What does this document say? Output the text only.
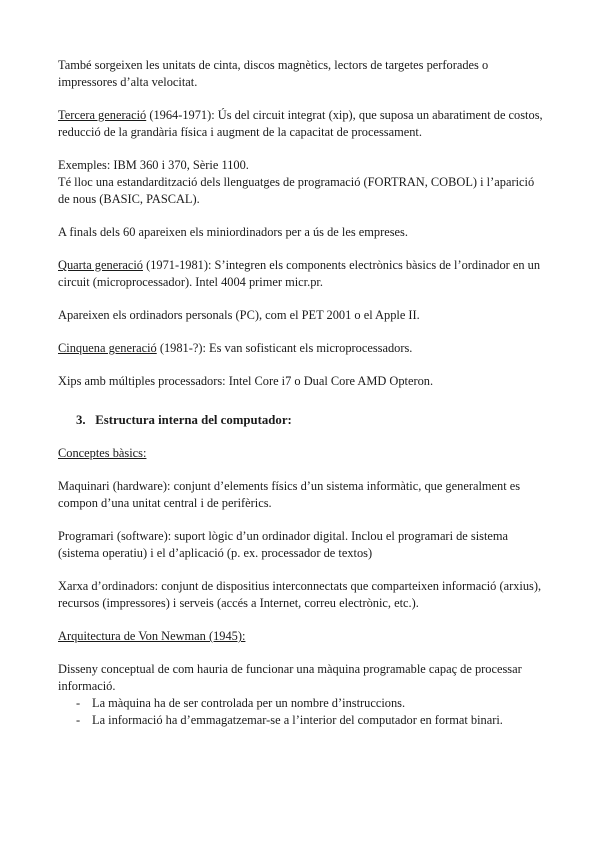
També sorgeixen les unitats de cinta, discos magnètics, lectors de targetes perforades o impressores d’alta velocitat.

Tercera generació (1964-1971): Ús del circuit integrat (xip), que suposa un abaratiment de costos, reducció de la grandària física i augment de la capacitat de processament.

Exemples: IBM 360 i 370, Sèrie 1100.

Té lloc una estandardització dels llenguatges de programació (FORTRAN, COBOL) i l’aparició de nous (BASIC, PASCAL).

A finals dels 60 apareixen els miniordinadors per a ús de les empreses.

Quarta generació (1971-1981): S’integren els components electrònics bàsics de l’ordinador en un circuit (microprocessador). Intel 4004 primer micr.pr.

Apareixen els ordinadors personals (PC), com el PET 2001 o el Apple II.

Cinquena generació (1981-?): Es van sofisticant els microprocessadors.

Xips amb múltiples processadors: Intel Core i7 o Dual Core AMD Opteron.

3. Estructura interna del computador:

Conceptes bàsics:

Maquinari (hardware): conjunt d’elements físics d’un sistema informàtic, que generalment es compon d’una unitat central i de perifèrics.

Programari (software): suport lògic d’un ordinador digital. Inclou el programari de sistema (sistema operatiu) i el d’aplicació (p. ex. processador de textos)

Xarxa d’ordinadors: conjunt de dispositius interconnectats que comparteixen informació (arxius), recursos (impressores) i serveis (accés a Internet, correu electrònic, etc.).

Arquitectura de Von Newman (1945):

Disseny conceptual de com hauria de funcionar una màquina programable capaç de processar informació.

- La màquina ha de ser controlada per un nombre d’instruccions.
- La informació ha d’emmagatzemar-se a l’interior del computador en format binari.
